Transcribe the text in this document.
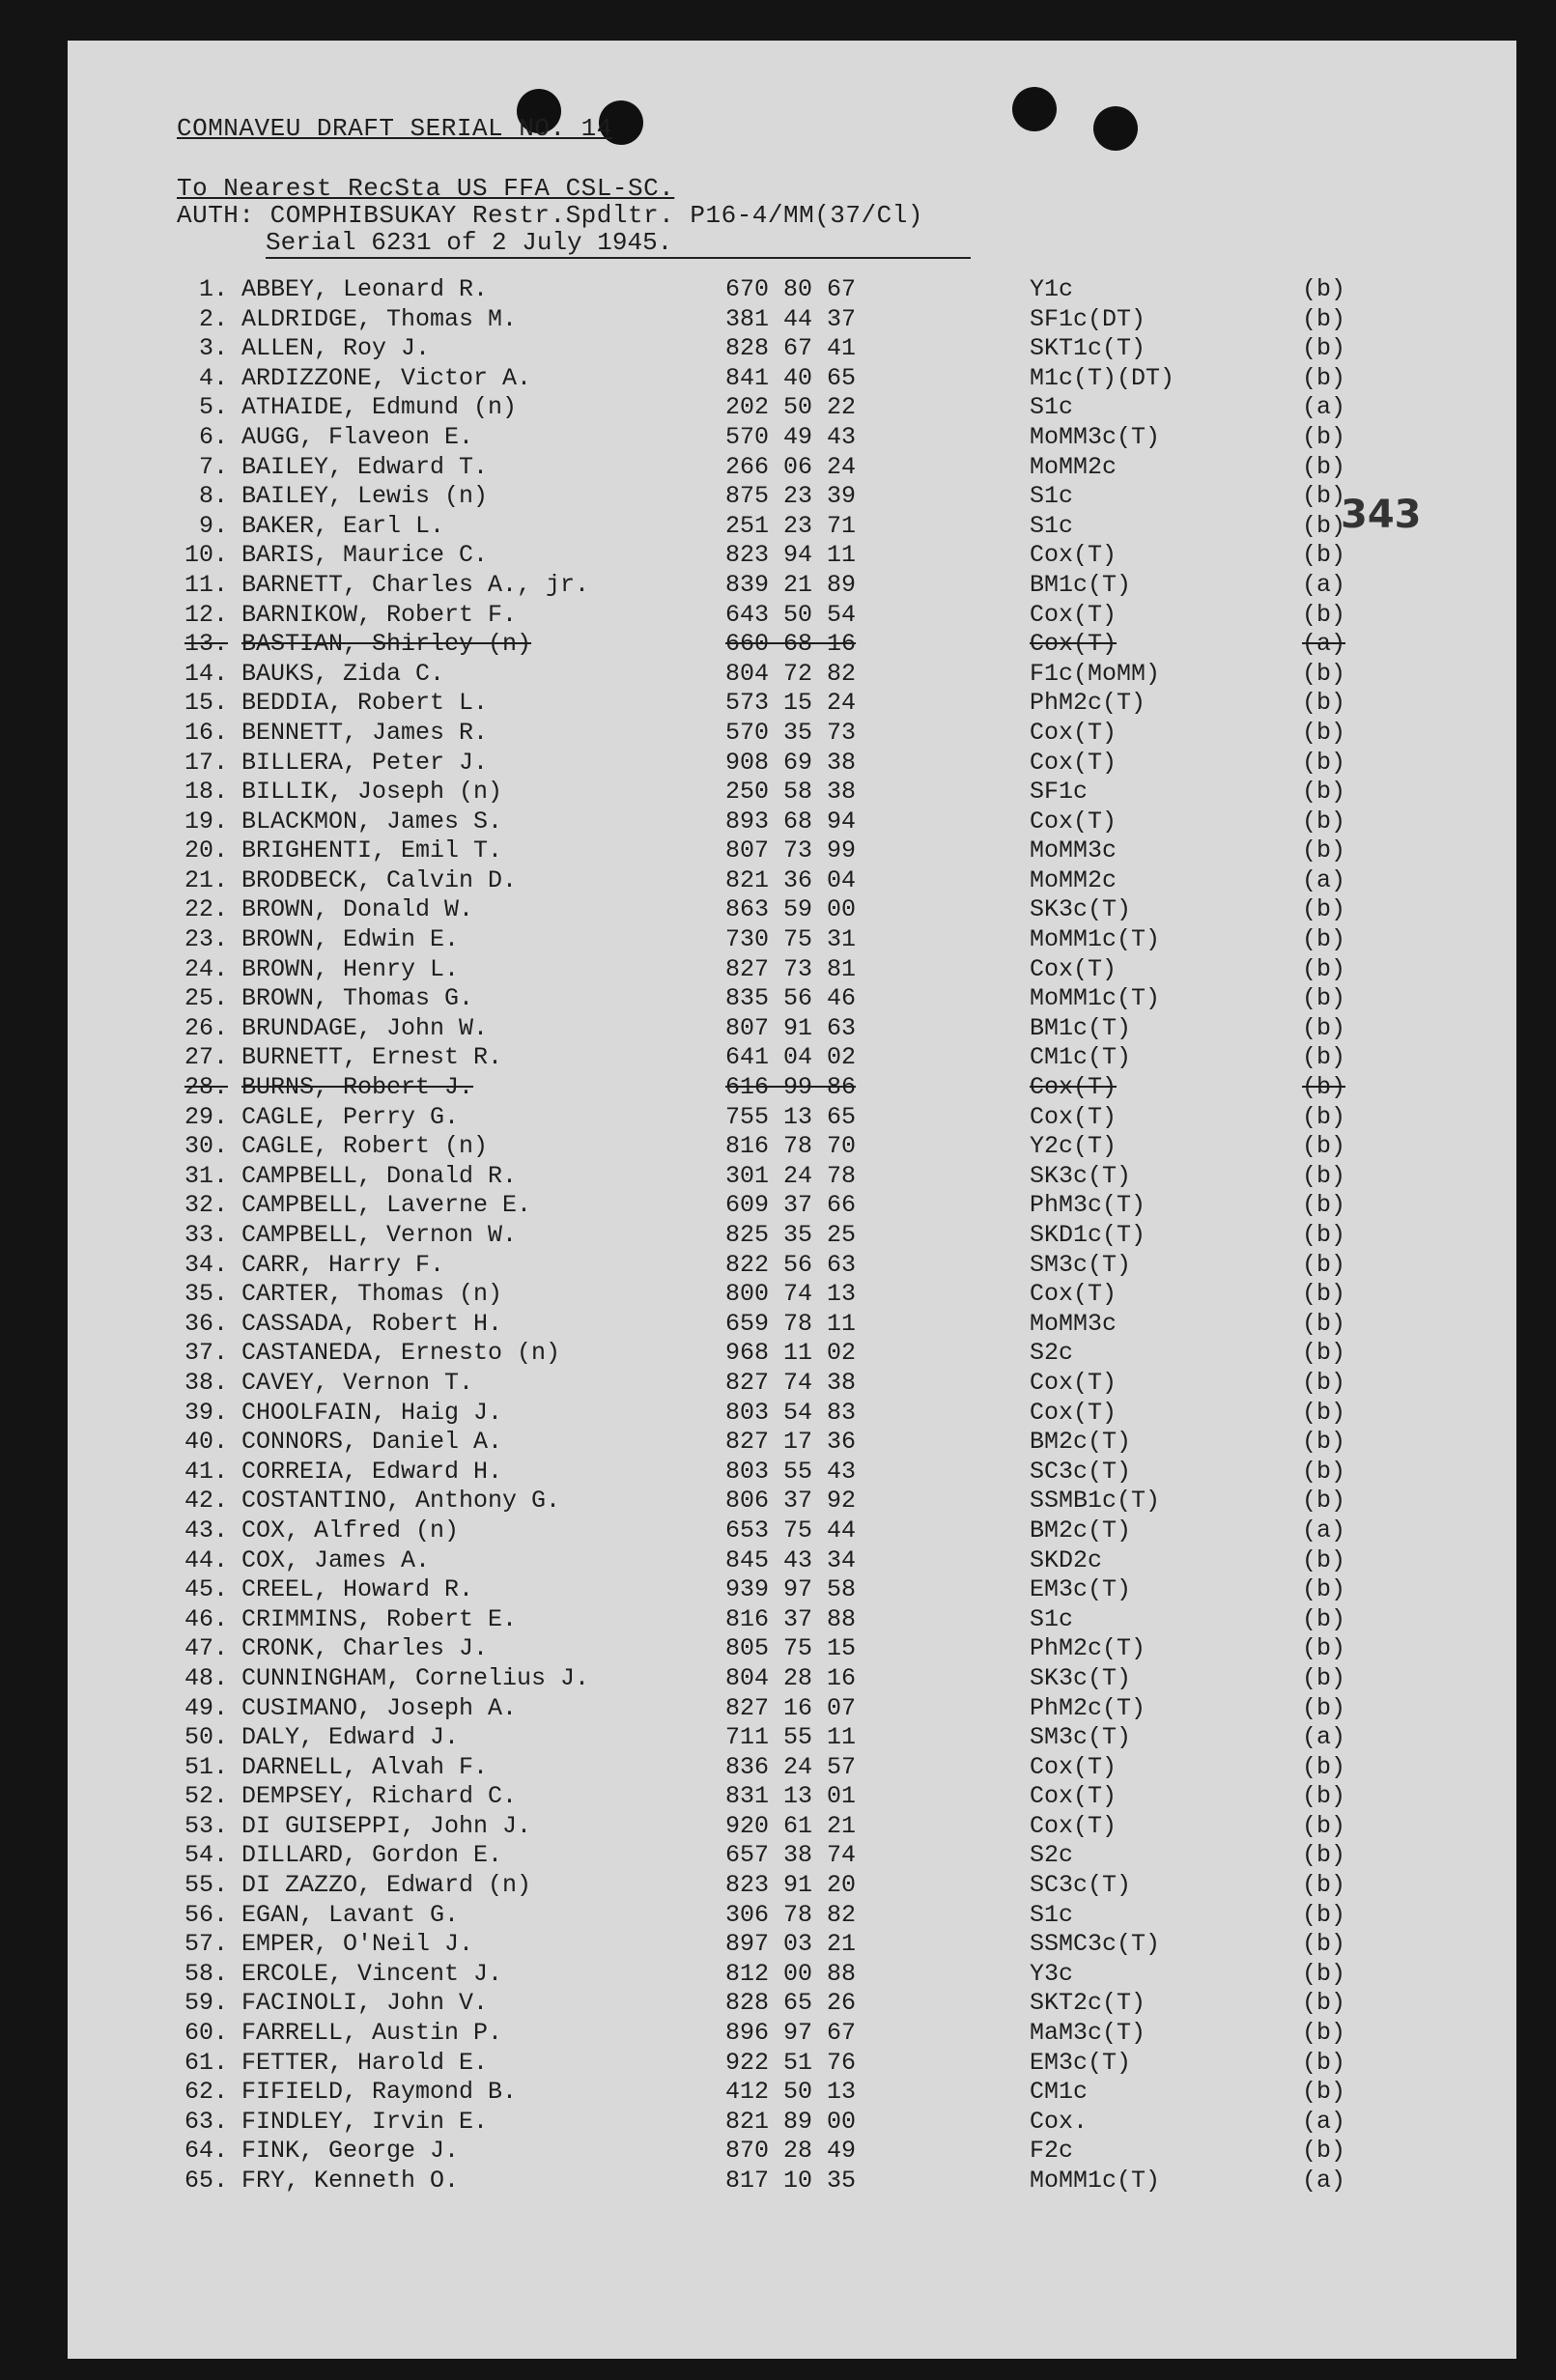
COMNAVEU DRAFT SERIAL NO. 14
To Nearest RecSta US FFA CSL-SC.
AUTH: COMPHIBSUKAY Restr.Spdltr. P16-4/MM(37/Cl)
Serial 6231 of 2 July 1945.
343
1. ABBEY, Leonard R.	670 80 67	Y1c	(b)
2. ALDRIDGE, Thomas M.	381 44 37	SF1c(DT)	(b)
3. ALLEN, Roy J.	828 67 41	SKT1c(T)	(b)
4. ARDIZZONE, Victor A.	841 40 65	M1c(T)(DT)	(b)
5. ATHAIDE, Edmund (n)	202 50 22	S1c	(a)
6. AUGG, Flaveon E.	570 49 43	MoMM3c(T)	(b)
7. BAILEY, Edward T.	266 06 24	MoMM2c	(b)
8. BAILEY, Lewis (n)	875 23 39	S1c	(b)
9. BAKER, Earl L.	251 23 71	S1c	(b)
10. BARIS, Maurice C.	823 94 11	Cox(T)	(b)
11. BARNETT, Charles A., jr.	839 21 89	BM1c(T)	(a)
12. BARNIKOW, Robert F.	643 50 54	Cox(T)	(b)
13. BASTIAN, Shirley (n)	660 68 16	Cox(T)	(a)
14. BAUKS, Zida C.	804 72 82	F1c(MoMM)	(b)
15. BEDDIA, Robert L.	573 15 24	PhM2c(T)	(b)
16. BENNETT, James R.	570 35 73	Cox(T)	(b)
17. BILLERA, Peter J.	908 69 38	Cox(T)	(b)
18. BILLIK, Joseph (n)	250 58 38	SF1c	(b)
19. BLACKMON, James S.	893 68 94	Cox(T)	(b)
20. BRIGHENTI, Emil T.	807 73 99	MoMM3c	(b)
21. BRODBECK, Calvin D.	821 36 04	MoMM2c	(a)
22. BROWN, Donald W.	863 59 00	SK3c(T)	(b)
23. BROWN, Edwin E.	730 75 31	MoMM1c(T)	(b)
24. BROWN, Henry L.	827 73 81	Cox(T)	(b)
25. BROWN, Thomas G.	835 56 46	MoMM1c(T)	(b)
26. BRUNDAGE, John W.	807 91 63	BM1c(T)	(b)
27. BURNETT, Ernest R.	641 04 02	CM1c(T)	(b)
28. BURNS, Robert J.	616 99 86	Cox(T)	(b)
29. CAGLE, Perry G.	755 13 65	Cox(T)	(b)
30. CAGLE, Robert (n)	816 78 70	Y2c(T)	(b)
31. CAMPBELL, Donald R.	301 24 78	SK3c(T)	(b)
32. CAMPBELL, Laverne E.	609 37 66	PhM3c(T)	(b)
33. CAMPBELL, Vernon W.	825 35 25	SKD1c(T)	(b)
34. CARR, Harry F.	822 56 63	SM3c(T)	(b)
35. CARTER, Thomas (n)	800 74 13	Cox(T)	(b)
36. CASSADA, Robert H.	659 78 11	MoMM3c	(b)
37. CASTANEDA, Ernesto (n)	968 11 02	S2c	(b)
38. CAVEY, Vernon T.	827 74 38	Cox(T)	(b)
39. CHOOLFAIN, Haig J.	803 54 83	Cox(T)	(b)
40. CONNORS, Daniel A.	827 17 36	BM2c(T)	(b)
41. CORREIA, Edward H.	803 55 43	SC3c(T)	(b)
42. COSTANTINO, Anthony G.	806 37 92	SSMB1c(T)	(b)
43. COX, Alfred (n)	653 75 44	BM2c(T)	(a)
44. COX, James A.	845 43 34	SKD2c	(b)
45. CREEL, Howard R.	939 97 58	EM3c(T)	(b)
46. CRIMMINS, Robert E.	816 37 88	S1c	(b)
47. CRONK, Charles J.	805 75 15	PhM2c(T)	(b)
48. CUNNINGHAM, Cornelius J.	804 28 16	SK3c(T)	(b)
49. CUSIMANO, Joseph A.	827 16 07	PhM2c(T)	(b)
50. DALY, Edward J.	711 55 11	SM3c(T)	(a)
51. DARNELL, Alvah F.	836 24 57	Cox(T)	(b)
52. DEMPSEY, Richard C.	831 13 01	Cox(T)	(b)
53. DI GUISEPPI, John J.	920 61 21	Cox(T)	(b)
54. DILLARD, Gordon E.	657 38 74	S2c	(b)
55. DI ZAZZO, Edward (n)	823 91 20	SC3c(T)	(b)
56. EGAN, Lavant G.	306 78 82	S1c	(b)
57. EMPER, O'Neil J.	897 03 21	SSMC3c(T)	(b)
58. ERCOLE, Vincent J.	812 00 88	Y3c	(b)
59. FACINOLI, John V.	828 65 26	SKT2c(T)	(b)
60. FARRELL, Austin P.	896 97 67	MaM3c(T)	(b)
61. FETTER, Harold E.	922 51 76	EM3c(T)	(b)
62. FIFIELD, Raymond B.	412 50 13	CM1c	(b)
63. FINDLEY, Irvin E.	821 89 00	Cox.	(a)
64. FINK, George J.	870 28 49	F2c	(b)
65. FRY, Kenneth O.	817 10 35	MoMM1c(T)	(a)
